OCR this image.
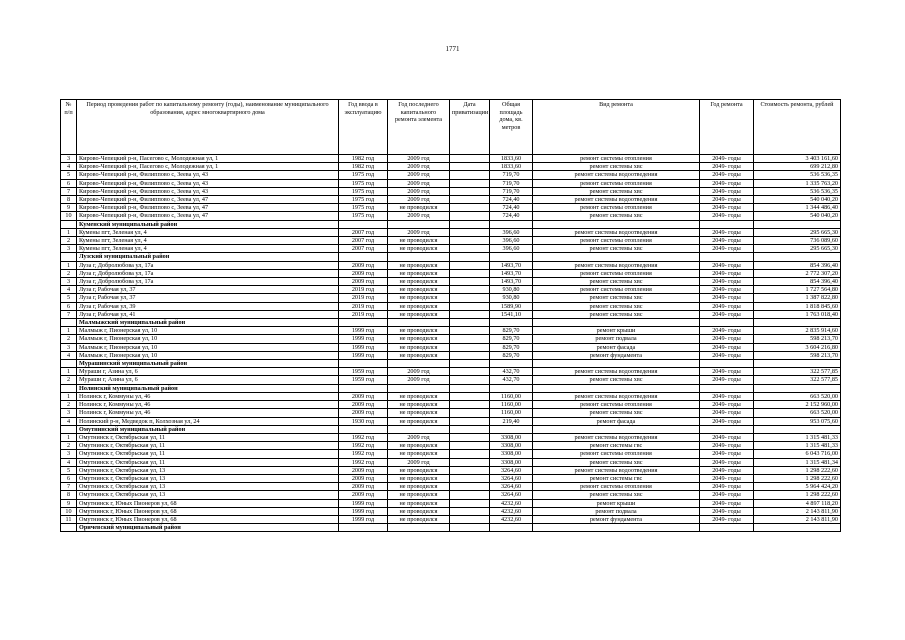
1771
№ п/п	Период проведения работ по капитальному ремонту (годы), наименование муниципального образования, адрес многоквартирного дома	Год ввода в эксплуатацию	Год последнего капитального ремонта элемента	Дата приватизации	Общая площадь дома, кв. метров	Вид ремонта	Год ремонта	Стоимость ремонта, рублей
3	Кирово-Чепецкий р-н, Пасегово с, Молодежная ул, 1	1982 год	2009 год		1833,60	ремонт системы отопления	2049- годы	3 403 161,60
4	Кирово-Чепецкий р-н, Пасегово с, Молодежная ул, 1	1982 год	2009 год		1833,60	ремонт системы хвс	2049- годы	699 212,80
5	Кирово-Чепецкий р-н, Филиппово с, Зеева ул, 43	1975 год	2009 год		719,70	ремонт системы водоотведения	2049- годы	536 536,35
6	Кирово-Чепецкий р-н, Филиппово с, Зеева ул, 43	1975 год	2009 год		719,70	ремонт системы отопления	2049- годы	1 335 763,20
7	Кирово-Чепецкий р-н, Филиппово с, Зеева ул, 43	1975 год	2009 год		719,70	ремонт системы хвс	2049- годы	536 536,35
8	Кирово-Чепецкий р-н, Филиппово с, Зеева ул, 47	1975 год	2009 год		724,40	ремонт системы водоотведения	2049- годы	540 040,20
9	Кирово-Чепецкий р-н, Филиппово с, Зеева ул, 47	1975 год	не проводился		724,40	ремонт системы отопления	2049- годы	1 344 486,40
10	Кирово-Чепецкий р-н, Филиппово с, Зеева ул, 47	1975 год	2009 год		724,40	ремонт системы хвс	2049- годы	540 040,20
	Куменский муниципальный район							
1	Кумены пгт, Зеленая ул, 4	2007 год	2009 год		396,60	ремонт системы водоотведения	2049- годы	295 665,30
2	Кумены пгт, Зеленая ул, 4	2007 год	не проводился		396,60	ремонт системы отопления	2049- годы	736 089,60
3	Кумены пгт, Зеленая ул, 4	2007 год	не проводился		396,60	ремонт системы хвс	2049- годы	295 665,30
	Лузский муниципальный район							
1	Луза г, Добролюбова ул, 17а	2009 год	не проводился		1493,70	ремонт системы водоотведения	2049- годы	854 396,40
2	Луза г, Добролюбова ул, 17а	2009 год	не проводился		1493,70	ремонт системы отопления	2049- годы	2 772 307,20
3	Луза г, Добролюбова ул, 17а	2009 год	не проводился		1493,70	ремонт системы хвс	2049- годы	854 396,40
4	Луза г, Рабочая ул, 37	2019 год	не проводился		930,80	ремонт системы отопления	2049- годы	1 727 564,80
5	Луза г, Рабочая ул, 37	2019 год	не проводился		930,80	ремонт системы хвс	2049- годы	1 387 822,80
6	Луза г, Рабочая ул, 39	2019 год	не проводился		1589,90	ремонт системы хвс	2049- годы	1 818 845,60
7	Луза г, Рабочая ул, 41	2019 год	не проводился		1541,10	ремонт системы хвс	2049- годы	1 763 018,40
	Малмыжский муниципальный район							
1	Малмыж г, Пионерская ул, 10	1999 год	не проводился		829,70	ремонт крыши	2049- годы	2 835 914,60
2	Малмыж г, Пионерская ул, 10	1999 год	не проводился		829,70	ремонт подвала	2049- годы	598 213,70
3	Малмыж г, Пионерская ул, 10	1999 год	не проводился		829,70	ремонт фасада	2049- годы	3 604 216,80
4	Малмыж г, Пионерская ул, 10	1999 год	не проводился		829,70	ремонт фундамента	2049- годы	598 213,70
	Мурашинский муниципальный район							
1	Мураши г, Азина ул, 6	1959 год	2009 год		432,70	ремонт системы водоотведения	2049- годы	322 577,85
2	Мураши г, Азина ул, 6	1959 год	2009 год		432,70	ремонт системы хвс	2049- годы	322 577,85
	Нолинский муниципальный район							
1	Нолинск г, Коммуны ул, 46	2009 год	не проводился		1160,00	ремонт системы водоотведения	2049- годы	663 520,00
2	Нолинск г, Коммуны ул, 46	2009 год	не проводился		1160,00	ремонт системы отопления	2049- годы	2 152 960,00
3	Нолинск г, Коммуны ул, 46	2009 год	не проводился		1160,00	ремонт системы хвс	2049- годы	663 520,00
4	Нолинский р-н, Медведок п, Колхозная ул, 24	1930 год	не проводился		219,40	ремонт фасада	2049- годы	953 075,60
	Омутнинский муниципальный район							
1	Омутнинск г, Октябрьская ул, 11	1992 год	2009 год		3308,00	ремонт системы водоотведения	2049- годы	1 315 481,33
2	Омутнинск г, Октябрьская ул, 11	1992 год	не проводился		3308,00	ремонт системы гвс	2049- годы	1 315 481,33
3	Омутнинск г, Октябрьская ул, 11	1992 год	не проводился		3308,00	ремонт системы отопления	2049- годы	6 043 716,00
4	Омутнинск г, Октябрьская ул, 11	1992 год	2009 год		3308,00	ремонт системы хвс	2049- годы	1 315 481,34
5	Омутнинск г, Октябрьская ул, 13	2009 год	не проводился		3264,60	ремонт системы водоотведения	2049- годы	1 298 222,60
6	Омутнинск г, Октябрьская ул, 13	2009 год	не проводился		3264,60	ремонт системы гвс	2049- годы	1 298 222,60
7	Омутнинск г, Октябрьская ул, 13	2009 год	не проводился		3264,60	ремонт системы отопления	2049- годы	5 964 424,20
8	Омутнинск г, Октябрьская ул, 13	2009 год	не проводился		3264,60	ремонт системы хвс	2049- годы	1 298 222,60
9	Омутнинск г, Юных Пионеров ул, 68	1999 год	не проводился		4232,60	ремонт крыши	2049- годы	4 897 118,20
10	Омутнинск г, Юных Пионеров ул, 68	1999 год	не проводился		4232,60	ремонт подвала	2049- годы	2 143 811,90
11	Омутнинск г, Юных Пионеров ул, 68	1999 год	не проводился		4232,60	ремонт фундамента	2049- годы	2 143 811,90
	Оричевский муниципальный район							
